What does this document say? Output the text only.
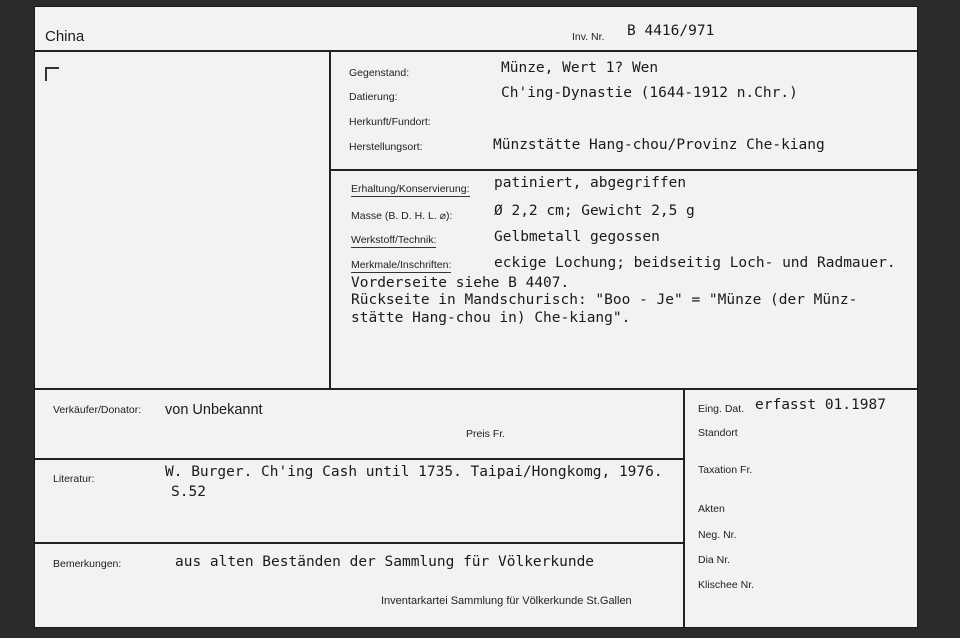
China	Inv. Nr. B 4416/971
Gegenstand:	Münze, Wert 1? Wen
Datierung:	Ch'ing-Dynastie (1644-1912 n.Chr.)
Herkunft/Fundort:
Herstellungsort:	Münzstätte Hang-chou/Provinz Che-kiang
Erhaltung/Konservierung: patiniert, abgegriffen
Masse (B. D. H. L. ⌀):	Ø 2,2 cm; Gewicht 2,5 g
Werkstoff/Technik:	Gelbmetall gegossen
Merkmale/Inschriften:	eckige Lochung; beidseitig Loch- und Radmauer.
Vorderseite siehe B 4407.
Rückseite in Mandschurisch: "Boo - Je" = "Münze (der Münz-
stätte Hang-chou in) Che-kiang".
Verkäufer/Donator: von Unbekannt
Preis Fr.
Literatur:	W. Burger. Ch'ing Cash until 1735. Taipai/Hongkomg, 1976.
S.52
Bemerkungen:	aus alten Beständen der Sammlung für Völkerkunde
Eing. Dat. erfasst 01.1987
Standort
Taxation Fr.
Akten
Neg. Nr.
Dia Nr.
Klischee Nr.
Inventarkartei Sammlung für Völkerkunde St.Gallen
